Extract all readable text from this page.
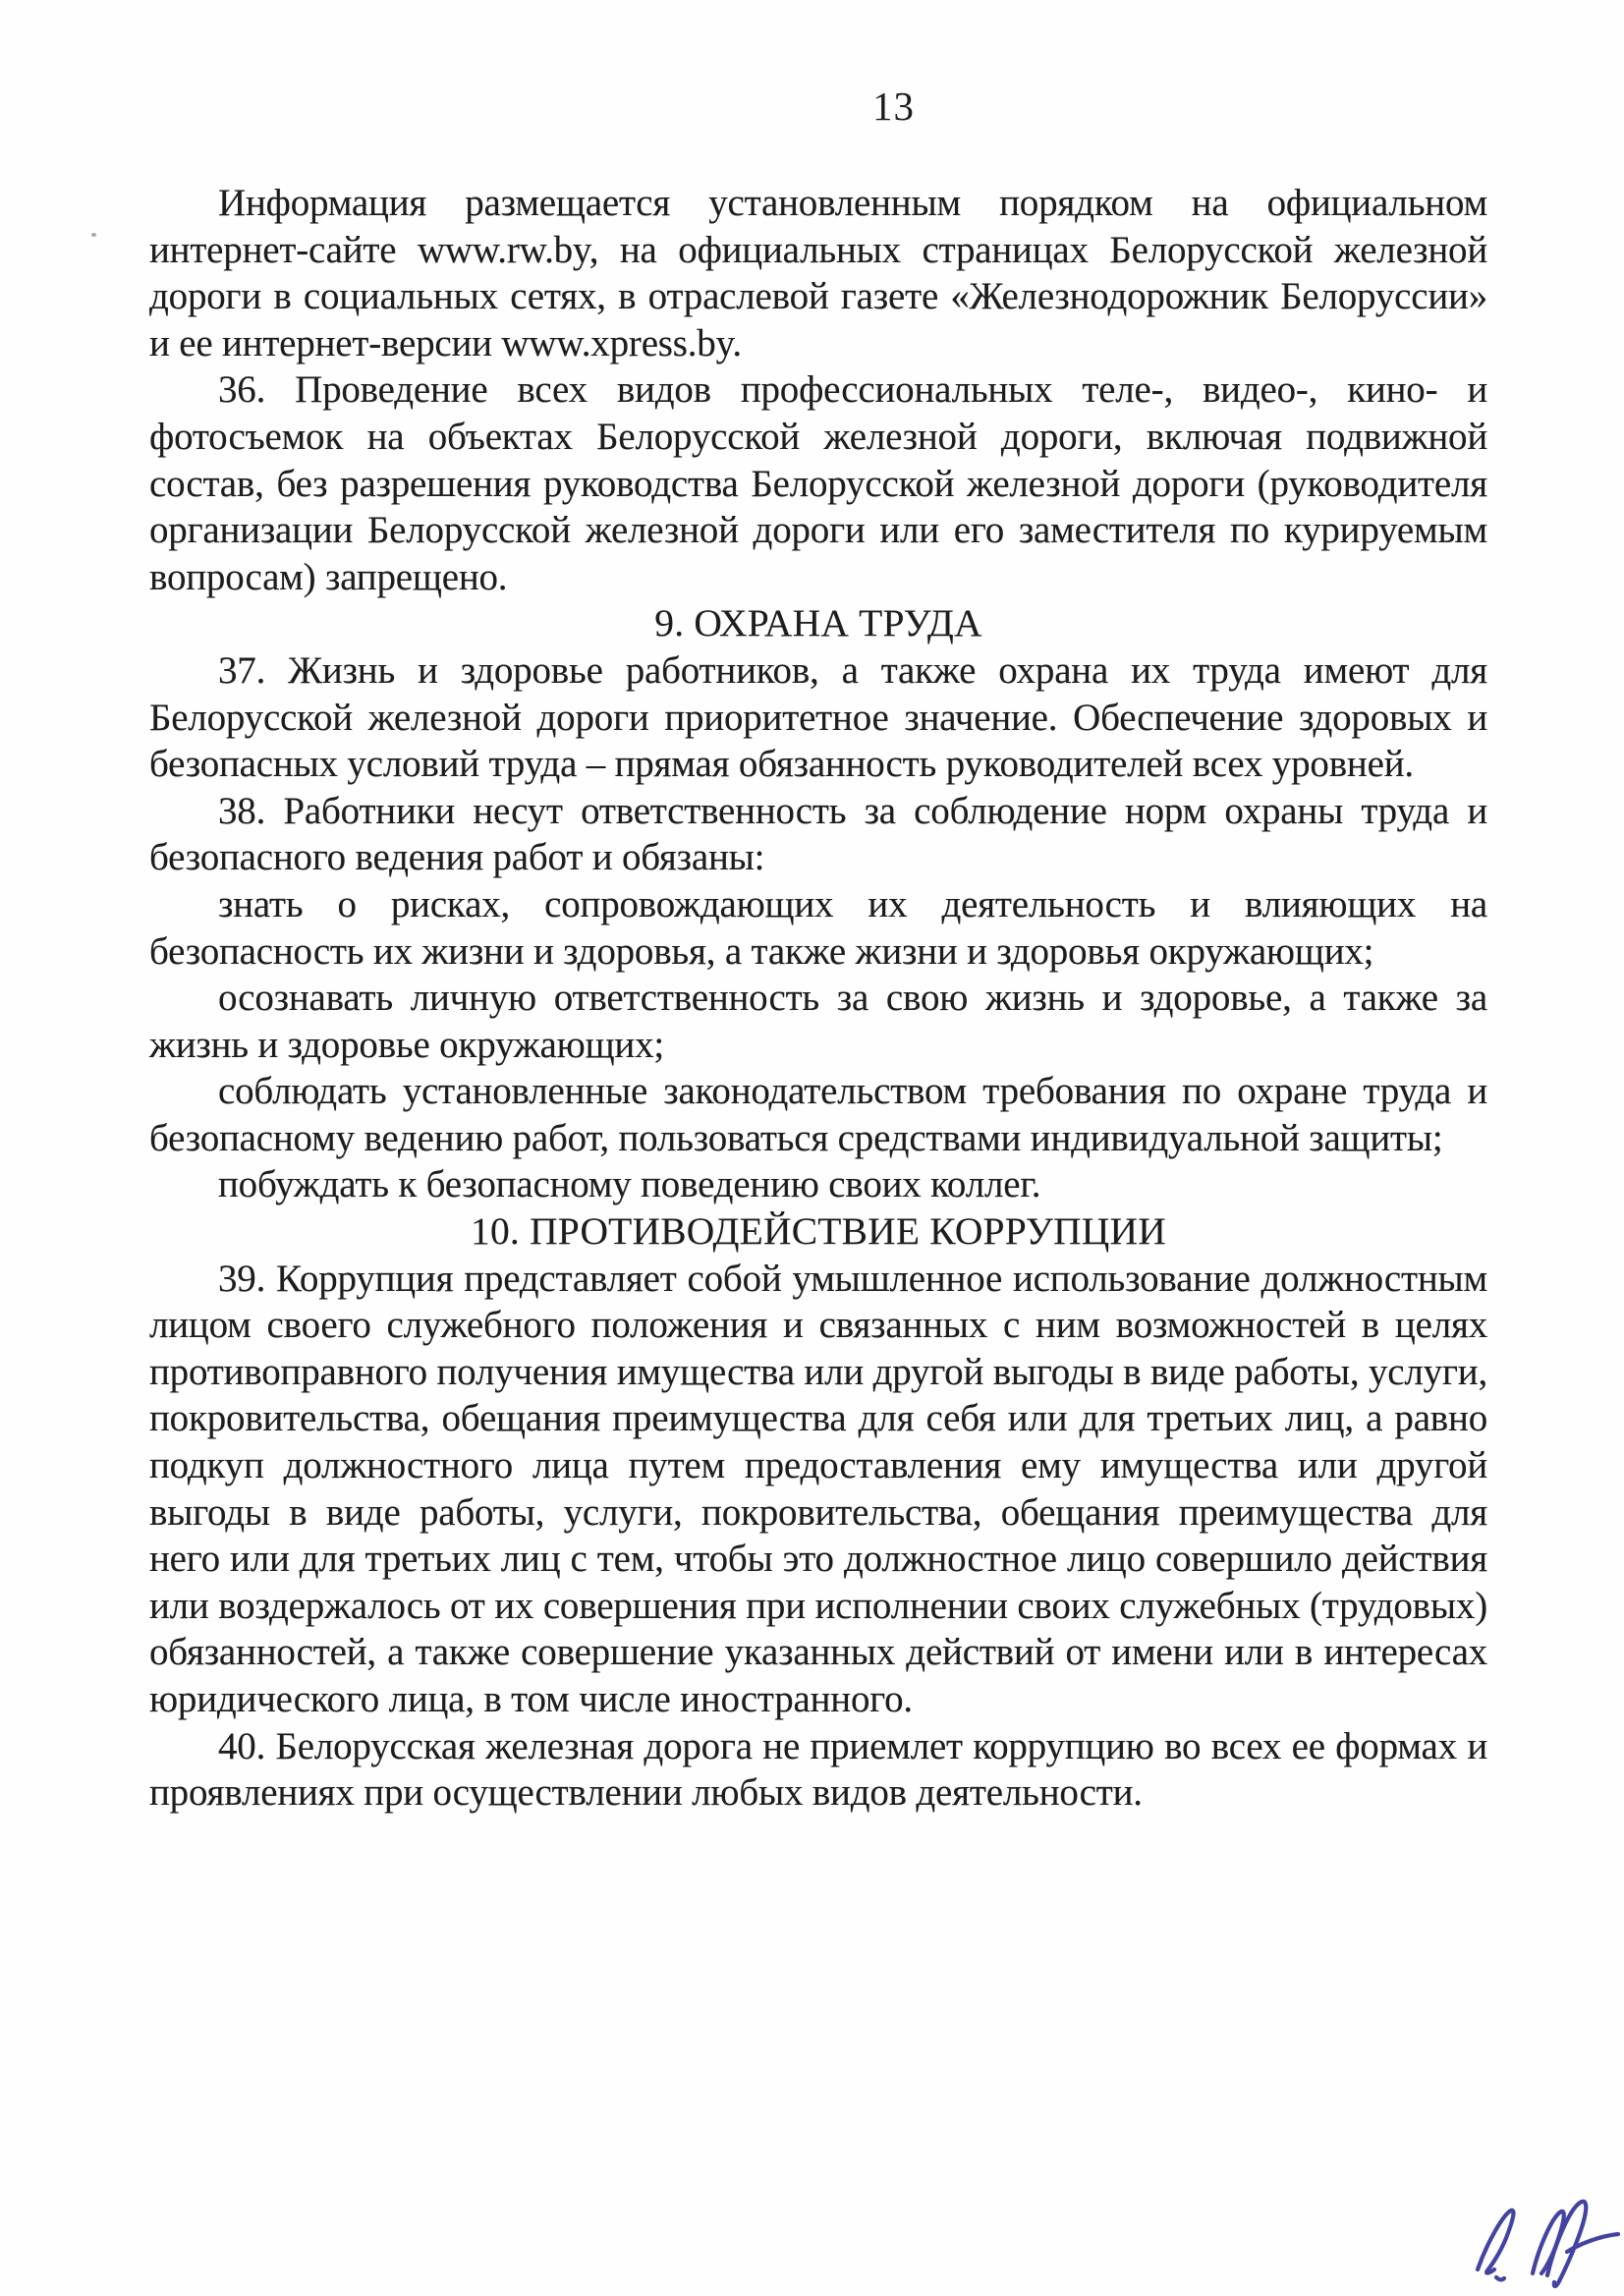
13

Информация размещается установленным порядком на официальном интернет-сайте www.rw.by, на официальных страницах Белорусской железной дороги в социальных сетях, в отраслевой газете «Железнодорожник Белоруссии» и ее интернет-версии www.xpress.by.

36. Проведение всех видов профессиональных теле-, видео-, кино- и фотосъемок на объектах Белорусской железной дороги, включая подвижной состав, без разрешения руководства Белорусской железной дороги (руководителя организации Белорусской железной дороги или его заместителя по курируемым вопросам) запрещено.

9. ОХРАНА ТРУДА

37. Жизнь и здоровье работников, а также охрана их труда имеют для Белорусской железной дороги приоритетное значение. Обеспечение здоровых и безопасных условий труда – прямая обязанность руководителей всех уровней.

38. Работники несут ответственность за соблюдение норм охраны труда и безопасного ведения работ и обязаны:

знать о рисках, сопровождающих их деятельность и влияющих на безопасность их жизни и здоровья, а также жизни и здоровья окружающих;

осознавать личную ответственность за свою жизнь и здоровье, а также за жизнь и здоровье окружающих;

соблюдать установленные законодательством требования по охране труда и безопасному ведению работ, пользоваться средствами индивидуальной защиты;

побуждать к безопасному поведению своих коллег.

10. ПРОТИВОДЕЙСТВИЕ КОРРУПЦИИ

39. Коррупция представляет собой умышленное использование должностным лицом своего служебного положения и связанных с ним возможностей в целях противоправного получения имущества или другой выгоды в виде работы, услуги, покровительства, обещания преимущества для себя или для третьих лиц, а равно подкуп должностного лица путем предоставления ему имущества или другой выгоды в виде работы, услуги, покровительства, обещания преимущества для него или для третьих лиц с тем, чтобы это должностное лицо совершило действия или воздержалось от их совершения при исполнении своих служебных (трудовых) обязанностей, а также совершение указанных действий от имени или в интересах юридического лица, в том числе иностранного.

40. Белорусская железная дорога не приемлет коррупцию во всех ее формах и проявлениях при осуществлении любых видов деятельности.
